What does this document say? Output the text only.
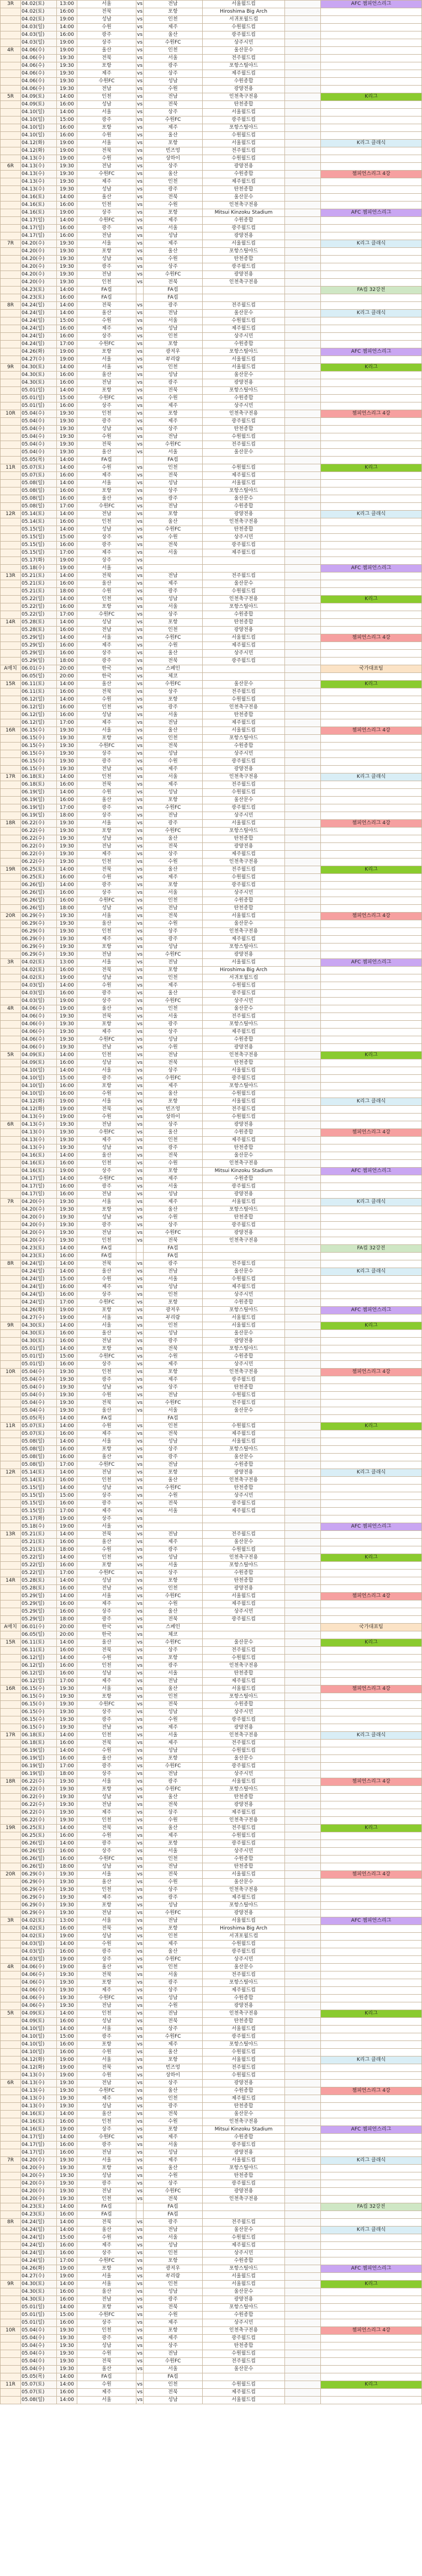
3R	04.02(토)	13:00	서울	vs	전남	서울월드컵		AFC 챔피언스리그	
	04.02(토)	16:00	전북	vs	포항	Hiroshima Big Arch			
	04.02(토)	19:00	성남	vs	인천	서귀포월드컵			
	04.03(일)	14:00	수원	vs	제주	수원월드컵			
	04.03(일)	16:00	광주	vs	울산	광주월드컵			
	04.03(일)	19:00	상주	vs	수원FC	상주시민			
4R	04.06(수)	19:00	울산	vs	인천	울산문수			
	04.06(수)	19:30	전북	vs	서울	전주월드컵			
	04.06(수)	19:30	포항	vs	광주	포항스틸야드			
	04.06(수)	19:30	제주	vs	상주	제주월드컵			
	04.06(수)	19:30	수원FC	vs	성남	수원종합			
	04.06(수)	19:30	전남	vs	수원	광양전용			
5R	04.09(토)	14:00	인천	vs	전남	인천축구전용		K리그	
	04.09(토)	16:00	성남	vs	전북	탄천종합			
	04.10(일)	14:00	서울	vs	상주	서울월드컵			
	04.10(일)	15:00	광주	vs	수원FC	광주월드컵			
	04.10(일)	16:00	포항	vs	제주	포항스틸야드			
	04.10(일)	16:00	수원	vs	울산	수원월드컵			
	04.12(화)	19:00	서울	vs	포항	서울월드컵		K리그 클래식	
	04.12(화)	19:00	전북	vs	빈즈엉	전주월드컵			
	04.13(수)	19:00	수원	vs	상하이	수원월드컵			
6R	04.13(수)	19:30	전남	vs	상주	광양전용			
	04.13(수)	19:30	수원FC	vs	울산	수원종합		챔피언스리그 4강	
	04.13(수)	19:30	제주	vs	인천	제주월드컵			
	04.13(수)	19:30	성남	vs	광주	탄천종합			
	04.16(토)	14:00	울산	vs	전북	울산문수			
	04.16(토)	16:00	인천	vs	수원	인천축구전용			
	04.16(토)	19:00	상주	vs	포항	Mitsui Kinzoku Stadium		AFC 챔피언스리그	
	04.17(일)	14:00	수원FC	vs	제주	수원종합			
	04.17(일)	16:00	광주	vs	서울	광주월드컵			
	04.17(일)	16:00	전남	vs	성남	광양전용			
7R	04.20(수)	19:30	서울	vs	제주	서울월드컵		K리그 클래식	
	04.20(수)	19:30	포항	vs	울산	포항스틸야드			
	04.20(수)	19:30	성남	vs	수원	탄천종합			
	04.20(수)	19:30	광주	vs	상주	광주월드컵			
	04.20(수)	19:30	전남	vs	수원FC	광양전용			
	04.20(수)	19:30	인천	vs	전북	인천축구전용			
	04.23(토)	14:00	FA컵		FA컵			FA컵 32강전	
	04.23(토)	16:00	FA컵		FA컵				
8R	04.24(일)	14:00	전북	vs	광주	전주월드컵			
	04.24(일)	14:00	울산	vs	전남	울산문수		K리그 클래식	
	04.24(일)	15:00	수원	vs	서울	수원월드컵			
	04.24(일)	16:00	제주	vs	성남	제주월드컵			
	04.24(일)	16:00	상주	vs	인천	상주시민			
	04.24(일)	17:00	수원FC	vs	포항	수원종합			
	04.26(화)	19:00	포항	vs	광저우	포항스틸야드		AFC 챔피언스리그	
	04.27(수)	19:00	서울	vs	부리람	서울월드컵			
9R	04.30(토)	14:00	서울	vs	인천	서울월드컵		K리그	
	04.30(토)	16:00	울산	vs	성남	울산문수			
	04.30(토)	16:00	전남	vs	광주	광양전용			
	05.01(일)	14:00	포항	vs	전북	포항스틸야드			
	05.01(일)	15:00	수원FC	vs	수원	수원종합			
	05.01(일)	16:00	상주	vs	제주	상주시민			
10R	05.04(수)	19:30	인천	vs	포항	인천축구전용		챔피언스리그 4강	
	05.04(수)	19:30	광주	vs	제주	광주월드컵			
	05.04(수)	19:30	성남	vs	상주	탄천종합			
	05.04(수)	19:30	수원	vs	전남	수원월드컵			
	05.04(수)	19:30	전북	vs	수원FC	전주월드컵			
	05.04(수)	19:30	울산	vs	서울	울산문수			
	05.05(목)	14:00	FA컵		FA컵				
11R	05.07(토)	14:00	수원	vs	인천	수원월드컵		K리그	
	05.07(토)	16:00	제주	vs	전북	제주월드컵			
	05.08(일)	14:00	서울	vs	성남	서울월드컵			
	05.08(일)	16:00	포항	vs	상주	포항스틸야드			
	05.08(일)	16:00	울산	vs	광주	울산문수			
	05.08(일)	17:00	수원FC	vs	전남	수원종합			
12R	05.14(토)	14:00	전남	vs	포항	광양전용		K리그 클래식	
	05.14(토)	16:00	인천	vs	울산	인천축구전용			
	05.15(일)	14:00	성남	vs	수원FC	탄천종합			
	05.15(일)	15:00	상주	vs	수원	상주시민			
	05.15(일)	16:00	광주	vs	전북	광주월드컵			
	05.15(일)	17:00	제주	vs	서울	제주월드컵			
	05.17(화)	19:00	상주	vs					
	05.18(수)	19:00	서울	vs				AFC 챔피언스리그	
13R	05.21(토)	14:00	전북	vs	전남	전주월드컵			
	05.21(토)	16:00	울산	vs	제주	울산문수			
	05.21(토)	18:00	수원	vs	광주	수원월드컵			
	05.22(일)	14:00	인천	vs	성남	인천축구전용		K리그	
	05.22(일)	16:00	포항	vs	서울	포항스틸야드			
	05.22(일)	17:00	수원FC	vs	상주	수원종합			
14R	05.28(토)	14:00	성남	vs	포항	탄천종합			
	05.28(토)	16:00	전남	vs	인천	광양전용			
	05.29(일)	14:00	서울	vs	수원FC	서울월드컵		챔피언스리그 4강	
	05.29(일)	16:00	제주	vs	수원	제주월드컵			
	05.29(일)	16:00	상주	vs	울산	상주시민			
	05.29(일)	18:00	광주	vs	전북	광주월드컵			
A매치	06.01(수)	20:00	한국	vs	스페인			국가대표팀	
	06.05(일)	20:00	한국	vs	체코				
15R	06.11(토)	14:00	울산	vs	수원FC	울산문수		K리그	
	06.11(토)	16:00	전북	vs	상주	전주월드컵			
	06.12(일)	14:00	수원	vs	포항	수원월드컵			
	06.12(일)	16:00	인천	vs	광주	인천축구전용			
	06.12(일)	16:00	성남	vs	서울	탄천종합			
	06.12(일)	17:00	제주	vs	전남	제주월드컵			
16R	06.15(수)	19:30	서울	vs	울산	서울월드컵		챔피언스리그 4강	
	06.15(수)	19:30	포항	vs	인천	포항스틸야드			
	06.15(수)	19:30	수원FC	vs	전북	수원종합			
	06.15(수)	19:30	상주	vs	성남	상주시민			
	06.15(수)	19:30	광주	vs	수원	광주월드컵			
	06.15(수)	19:30	전남	vs	제주	광양전용			
17R	06.18(토)	14:00	인천	vs	서울	인천축구전용		K리그 클래식	
	06.18(토)	16:00	전북	vs	제주	전주월드컵			
	06.19(일)	14:00	수원	vs	성남	수원월드컵			
	06.19(일)	16:00	울산	vs	포항	울산문수			
	06.19(일)	17:00	광주	vs	수원FC	광주월드컵			
	06.19(일)	18:00	상주	vs	전남	상주시민			
18R	06.22(수)	19:30	서울	vs	광주	서울월드컵		챔피언스리그 4강	
	06.22(수)	19:30	포항	vs	수원FC	포항스틸야드			
	06.22(수)	19:30	성남	vs	울산	탄천종합			
	06.22(수)	19:30	전남	vs	전북	광양전용			
	06.22(수)	19:30	제주	vs	상주	제주월드컵			
	06.22(수)	19:30	인천	vs	수원	인천축구전용			
19R	06.25(토)	14:00	전북	vs	울산	전주월드컵		K리그	
	06.25(토)	16:00	수원	vs	제주	수원월드컵			
	06.26(일)	14:00	광주	vs	포항	광주월드컵			
	06.26(일)	16:00	상주	vs	서울	상주시민			
	06.26(일)	16:00	수원FC	vs	인천	수원종합			
	06.26(일)	18:00	성남	vs	전남	탄천종합			
20R	06.29(수)	19:30	서울	vs	전북	서울월드컵		챔피언스리그 4강	
	06.29(수)	19:30	울산	vs	수원	울산문수			
	06.29(수)	19:30	인천	vs	상주	인천축구전용			
	06.29(수)	19:30	제주	vs	광주	제주월드컵			
	06.29(수)	19:30	포항	vs	성남	포항스틸야드			
	06.29(수)	19:30	전남	vs	수원FC	광양전용			
3R	04.02(토)	13:00	서울	vs	전남	서울월드컵		AFC 챔피언스리그	
	04.02(토)	16:00	전북	vs	포항	Hiroshima Big Arch			
	04.02(토)	19:00	성남	vs	인천	서귀포월드컵			
	04.03(일)	14:00	수원	vs	제주	수원월드컵			
	04.03(일)	16:00	광주	vs	울산	광주월드컵			
	04.03(일)	19:00	상주	vs	수원FC	상주시민			
4R	04.06(수)	19:00	울산	vs	인천	울산문수			
	04.06(수)	19:30	전북	vs	서울	전주월드컵			
	04.06(수)	19:30	포항	vs	광주	포항스틸야드			
	04.06(수)	19:30	제주	vs	상주	제주월드컵			
	04.06(수)	19:30	수원FC	vs	성남	수원종합			
	04.06(수)	19:30	전남	vs	수원	광양전용			
5R	04.09(토)	14:00	인천	vs	전남	인천축구전용		K리그	
	04.09(토)	16:00	성남	vs	전북	탄천종합			
	04.10(일)	14:00	서울	vs	상주	서울월드컵			
	04.10(일)	15:00	광주	vs	수원FC	광주월드컵			
	04.10(일)	16:00	포항	vs	제주	포항스틸야드			
	04.10(일)	16:00	수원	vs	울산	수원월드컵			
	04.12(화)	19:00	서울	vs	포항	서울월드컵		K리그 클래식	
	04.12(화)	19:00	전북	vs	빈즈엉	전주월드컵			
	04.13(수)	19:00	수원	vs	상하이	수원월드컵			
6R	04.13(수)	19:30	전남	vs	상주	광양전용			
	04.13(수)	19:30	수원FC	vs	울산	수원종합		챔피언스리그 4강	
	04.13(수)	19:30	제주	vs	인천	제주월드컵			
	04.13(수)	19:30	성남	vs	광주	탄천종합			
	04.16(토)	14:00	울산	vs	전북	울산문수			
	04.16(토)	16:00	인천	vs	수원	인천축구전용			
	04.16(토)	19:00	상주	vs	포항	Mitsui Kinzoku Stadium		AFC 챔피언스리그	
	04.17(일)	14:00	수원FC	vs	제주	수원종합			
	04.17(일)	16:00	광주	vs	서울	광주월드컵			
	04.17(일)	16:00	전남	vs	성남	광양전용			
7R	04.20(수)	19:30	서울	vs	제주	서울월드컵		K리그 클래식	
	04.20(수)	19:30	포항	vs	울산	포항스틸야드			
	04.20(수)	19:30	성남	vs	수원	탄천종합			
	04.20(수)	19:30	광주	vs	상주	광주월드컵			
	04.20(수)	19:30	전남	vs	수원FC	광양전용			
	04.20(수)	19:30	인천	vs	전북	인천축구전용			
	04.23(토)	14:00	FA컵		FA컵			FA컵 32강전	
	04.23(토)	16:00	FA컵		FA컵				
8R	04.24(일)	14:00	전북	vs	광주	전주월드컵			
	04.24(일)	14:00	울산	vs	전남	울산문수		K리그 클래식	
	04.24(일)	15:00	수원	vs	서울	수원월드컵			
	04.24(일)	16:00	제주	vs	성남	제주월드컵			
	04.24(일)	16:00	상주	vs	인천	상주시민			
	04.24(일)	17:00	수원FC	vs	포항	수원종합			
	04.26(화)	19:00	포항	vs	광저우	포항스틸야드		AFC 챔피언스리그	
	04.27(수)	19:00	서울	vs	부리람	서울월드컵			
9R	04.30(토)	14:00	서울	vs	인천	서울월드컵		K리그	
	04.30(토)	16:00	울산	vs	성남	울산문수			
	04.30(토)	16:00	전남	vs	광주	광양전용			
	05.01(일)	14:00	포항	vs	전북	포항스틸야드			
	05.01(일)	15:00	수원FC	vs	수원	수원종합			
	05.01(일)	16:00	상주	vs	제주	상주시민			
10R	05.04(수)	19:30	인천	vs	포항	인천축구전용		챔피언스리그 4강	
	05.04(수)	19:30	광주	vs	제주	광주월드컵			
	05.04(수)	19:30	성남	vs	상주	탄천종합			
	05.04(수)	19:30	수원	vs	전남	수원월드컵			
	05.04(수)	19:30	전북	vs	수원FC	전주월드컵			
	05.04(수)	19:30	울산	vs	서울	울산문수			
	05.05(목)	14:00	FA컵		FA컵				
11R	05.07(토)	14:00	수원	vs	인천	수원월드컵		K리그	
	05.07(토)	16:00	제주	vs	전북	제주월드컵			
	05.08(일)	14:00	서울	vs	성남	서울월드컵			
	05.08(일)	16:00	포항	vs	상주	포항스틸야드			
	05.08(일)	16:00	울산	vs	광주	울산문수			
	05.08(일)	17:00	수원FC	vs	전남	수원종합			
12R	05.14(토)	14:00	전남	vs	포항	광양전용		K리그 클래식	
	05.14(토)	16:00	인천	vs	울산	인천축구전용			
	05.15(일)	14:00	성남	vs	수원FC	탄천종합			
	05.15(일)	15:00	상주	vs	수원	상주시민			
	05.15(일)	16:00	광주	vs	전북	광주월드컵			
	05.15(일)	17:00	제주	vs	서울	제주월드컵			
	05.17(화)	19:00	상주	vs					
	05.18(수)	19:00	서울	vs				AFC 챔피언스리그	
13R	05.21(토)	14:00	전북	vs	전남	전주월드컵			
	05.21(토)	16:00	울산	vs	제주	울산문수			
	05.21(토)	18:00	수원	vs	광주	수원월드컵			
	05.22(일)	14:00	인천	vs	성남	인천축구전용		K리그	
	05.22(일)	16:00	포항	vs	서울	포항스틸야드			
	05.22(일)	17:00	수원FC	vs	상주	수원종합			
14R	05.28(토)	14:00	성남	vs	포항	탄천종합			
	05.28(토)	16:00	전남	vs	인천	광양전용			
	05.29(일)	14:00	서울	vs	수원FC	서울월드컵		챔피언스리그 4강	
	05.29(일)	16:00	제주	vs	수원	제주월드컵			
	05.29(일)	16:00	상주	vs	울산	상주시민			
	05.29(일)	18:00	광주	vs	전북	광주월드컵			
A매치	06.01(수)	20:00	한국	vs	스페인			국가대표팀	
	06.05(일)	20:00	한국	vs	체코				
15R	06.11(토)	14:00	울산	vs	수원FC	울산문수		K리그	
	06.11(토)	16:00	전북	vs	상주	전주월드컵			
	06.12(일)	14:00	수원	vs	포항	수원월드컵			
	06.12(일)	16:00	인천	vs	광주	인천축구전용			
	06.12(일)	16:00	성남	vs	서울	탄천종합			
	06.12(일)	17:00	제주	vs	전남	제주월드컵			
16R	06.15(수)	19:30	서울	vs	울산	서울월드컵		챔피언스리그 4강	
	06.15(수)	19:30	포항	vs	인천	포항스틸야드			
	06.15(수)	19:30	수원FC	vs	전북	수원종합			
	06.15(수)	19:30	상주	vs	성남	상주시민			
	06.15(수)	19:30	광주	vs	수원	광주월드컵			
	06.15(수)	19:30	전남	vs	제주	광양전용			
17R	06.18(토)	14:00	인천	vs	서울	인천축구전용		K리그 클래식	
	06.18(토)	16:00	전북	vs	제주	전주월드컵			
	06.19(일)	14:00	수원	vs	성남	수원월드컵			
	06.19(일)	16:00	울산	vs	포항	울산문수			
	06.19(일)	17:00	광주	vs	수원FC	광주월드컵			
	06.19(일)	18:00	상주	vs	전남	상주시민			
18R	06.22(수)	19:30	서울	vs	광주	서울월드컵		챔피언스리그 4강	
	06.22(수)	19:30	포항	vs	수원FC	포항스틸야드			
	06.22(수)	19:30	성남	vs	울산	탄천종합			
	06.22(수)	19:30	전남	vs	전북	광양전용			
	06.22(수)	19:30	제주	vs	상주	제주월드컵			
	06.22(수)	19:30	인천	vs	수원	인천축구전용			
19R	06.25(토)	14:00	전북	vs	울산	전주월드컵		K리그	
	06.25(토)	16:00	수원	vs	제주	수원월드컵			
	06.26(일)	14:00	광주	vs	포항	광주월드컵			
	06.26(일)	16:00	상주	vs	서울	상주시민			
	06.26(일)	16:00	수원FC	vs	인천	수원종합			
	06.26(일)	18:00	성남	vs	전남	탄천종합			
20R	06.29(수)	19:30	서울	vs	전북	서울월드컵		챔피언스리그 4강	
	06.29(수)	19:30	울산	vs	수원	울산문수			
	06.29(수)	19:30	인천	vs	상주	인천축구전용			
	06.29(수)	19:30	제주	vs	광주	제주월드컵			
	06.29(수)	19:30	포항	vs	성남	포항스틸야드			
	06.29(수)	19:30	전남	vs	수원FC	광양전용			
3R	04.02(토)	13:00	서울	vs	전남	서울월드컵		AFC 챔피언스리그	
	04.02(토)	16:00	전북	vs	포항	Hiroshima Big Arch			
	04.02(토)	19:00	성남	vs	인천	서귀포월드컵			
	04.03(일)	14:00	수원	vs	제주	수원월드컵			
	04.03(일)	16:00	광주	vs	울산	광주월드컵			
	04.03(일)	19:00	상주	vs	수원FC	상주시민			
4R	04.06(수)	19:00	울산	vs	인천	울산문수			
	04.06(수)	19:30	전북	vs	서울	전주월드컵			
	04.06(수)	19:30	포항	vs	광주	포항스틸야드			
	04.06(수)	19:30	제주	vs	상주	제주월드컵			
	04.06(수)	19:30	수원FC	vs	성남	수원종합			
	04.06(수)	19:30	전남	vs	수원	광양전용			
5R	04.09(토)	14:00	인천	vs	전남	인천축구전용		K리그	
	04.09(토)	16:00	성남	vs	전북	탄천종합			
	04.10(일)	14:00	서울	vs	상주	서울월드컵			
	04.10(일)	15:00	광주	vs	수원FC	광주월드컵			
	04.10(일)	16:00	포항	vs	제주	포항스틸야드			
	04.10(일)	16:00	수원	vs	울산	수원월드컵			
	04.12(화)	19:00	서울	vs	포항	서울월드컵		K리그 클래식	
	04.12(화)	19:00	전북	vs	빈즈엉	전주월드컵			
	04.13(수)	19:00	수원	vs	상하이	수원월드컵			
6R	04.13(수)	19:30	전남	vs	상주	광양전용			
	04.13(수)	19:30	수원FC	vs	울산	수원종합		챔피언스리그 4강	
	04.13(수)	19:30	제주	vs	인천	제주월드컵			
	04.13(수)	19:30	성남	vs	광주	탄천종합			
	04.16(토)	14:00	울산	vs	전북	울산문수			
	04.16(토)	16:00	인천	vs	수원	인천축구전용			
	04.16(토)	19:00	상주	vs	포항	Mitsui Kinzoku Stadium		AFC 챔피언스리그	
	04.17(일)	14:00	수원FC	vs	제주	수원종합			
	04.17(일)	16:00	광주	vs	서울	광주월드컵			
	04.17(일)	16:00	전남	vs	성남	광양전용			
7R	04.20(수)	19:30	서울	vs	제주	서울월드컵		K리그 클래식	
	04.20(수)	19:30	포항	vs	울산	포항스틸야드			
	04.20(수)	19:30	성남	vs	수원	탄천종합			
	04.20(수)	19:30	광주	vs	상주	광주월드컵			
	04.20(수)	19:30	전남	vs	수원FC	광양전용			
	04.20(수)	19:30	인천	vs	전북	인천축구전용			
	04.23(토)	14:00	FA컵		FA컵			FA컵 32강전	
	04.23(토)	16:00	FA컵		FA컵				
8R	04.24(일)	14:00	전북	vs	광주	전주월드컵			
	04.24(일)	14:00	울산	vs	전남	울산문수		K리그 클래식	
	04.24(일)	15:00	수원	vs	서울	수원월드컵			
	04.24(일)	16:00	제주	vs	성남	제주월드컵			
	04.24(일)	16:00	상주	vs	인천	상주시민			
	04.24(일)	17:00	수원FC	vs	포항	수원종합			
	04.26(화)	19:00	포항	vs	광저우	포항스틸야드		AFC 챔피언스리그	
	04.27(수)	19:00	서울	vs	부리람	서울월드컵			
9R	04.30(토)	14:00	서울	vs	인천	서울월드컵		K리그	
	04.30(토)	16:00	울산	vs	성남	울산문수			
	04.30(토)	16:00	전남	vs	광주	광양전용			
	05.01(일)	14:00	포항	vs	전북	포항스틸야드			
	05.01(일)	15:00	수원FC	vs	수원	수원종합			
	05.01(일)	16:00	상주	vs	제주	상주시민			
10R	05.04(수)	19:30	인천	vs	포항	인천축구전용		챔피언스리그 4강	
	05.04(수)	19:30	광주	vs	제주	광주월드컵			
	05.04(수)	19:30	성남	vs	상주	탄천종합			
	05.04(수)	19:30	수원	vs	전남	수원월드컵			
	05.04(수)	19:30	전북	vs	수원FC	전주월드컵			
	05.04(수)	19:30	울산	vs	서울	울산문수			
	05.05(목)	14:00	FA컵		FA컵				
11R	05.07(토)	14:00	수원	vs	인천	수원월드컵		K리그	
	05.07(토)	16:00	제주	vs	전북	제주월드컵			
	05.08(일)	14:00	서울	vs	성남	서울월드컵			
